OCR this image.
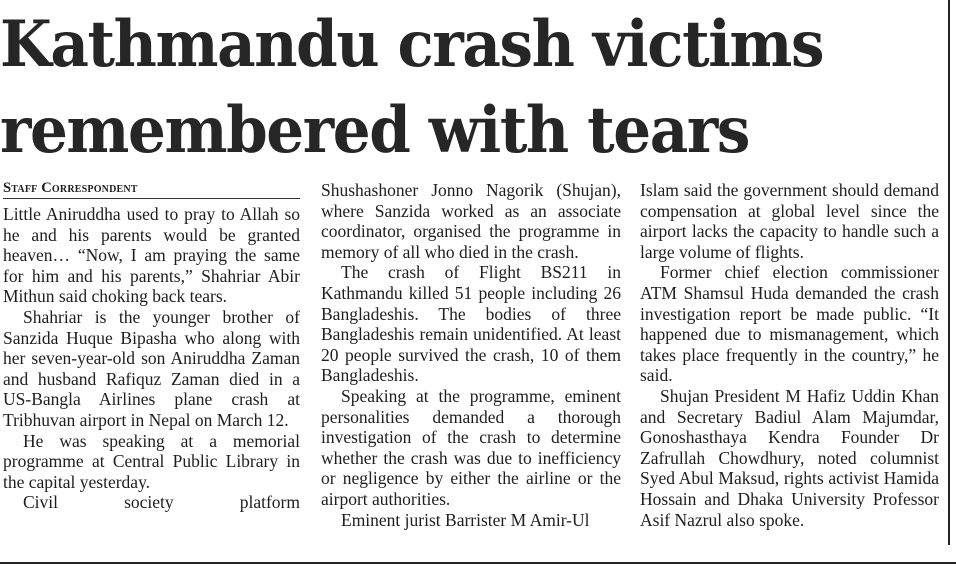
Kathmandu crash victims
remembered with tears
Staff Correspondent

Little Aniruddha used to pray to Allah so he and his parents would be granted heaven… “Now, I am praying the same for him and his parents,” Shahriar Abir Mithun said choking back tears.

Shahriar is the younger brother of Sanzida Huque Bipasha who along with her seven-year-old son Aniruddha Zaman and husband Rafiquz Zaman died in a US-Bangla Airlines plane crash at Tribhuvan airport in Nepal on March 12.

He was speaking at a memorial programme at Central Public Library in the capital yesterday.

Civil society platform

Shushashoner Jonno Nagorik (Shujan), where Sanzida worked as an associate coordinator, organised the programme in memory of all who died in the crash.

The crash of Flight BS211 in Kathmandu killed 51 people including 26 Bangladeshis. The bodies of three Bangladeshis remain unidentified. At least 20 people survived the crash, 10 of them Bangladeshis.

Speaking at the programme, eminent personalities demanded a thorough investigation of the crash to determine whether the crash was due to inefficiency or negligence by either the airline or the airport authorities.

Eminent jurist Barrister M Amir-Ul

Islam said the government should demand compensation at global level since the airport lacks the capacity to handle such a large volume of flights.

Former chief election commissioner ATM Shamsul Huda demanded the crash investigation report be made public. “It happened due to mismanagement, which takes place frequently in the country,” he said.

Shujan President M Hafiz Uddin Khan and Secretary Badiul Alam Majumdar, Gonoshasthaya Kendra Founder Dr Zafrullah Chowdhury, noted columnist Syed Abul Maksud, rights activist Hamida Hossain and Dhaka University Professor Asif Nazrul also spoke.
